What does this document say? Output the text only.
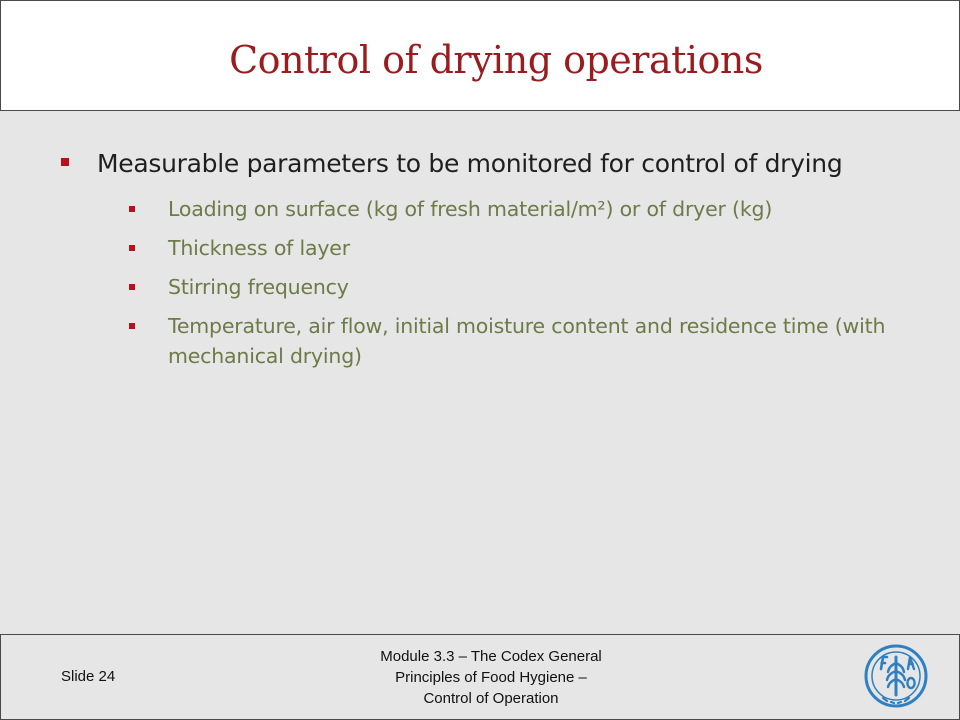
Control of drying operations
Measurable parameters to be monitored for control of drying
Loading on surface (kg of fresh material/m²) or of dryer (kg)
Thickness of layer
Stirring frequency
Temperature, air flow, initial moisture content and residence time (with mechanical drying)
Slide 24
Module 3.3 – The Codex General
Principles of Food Hygiene –
Control of Operation
